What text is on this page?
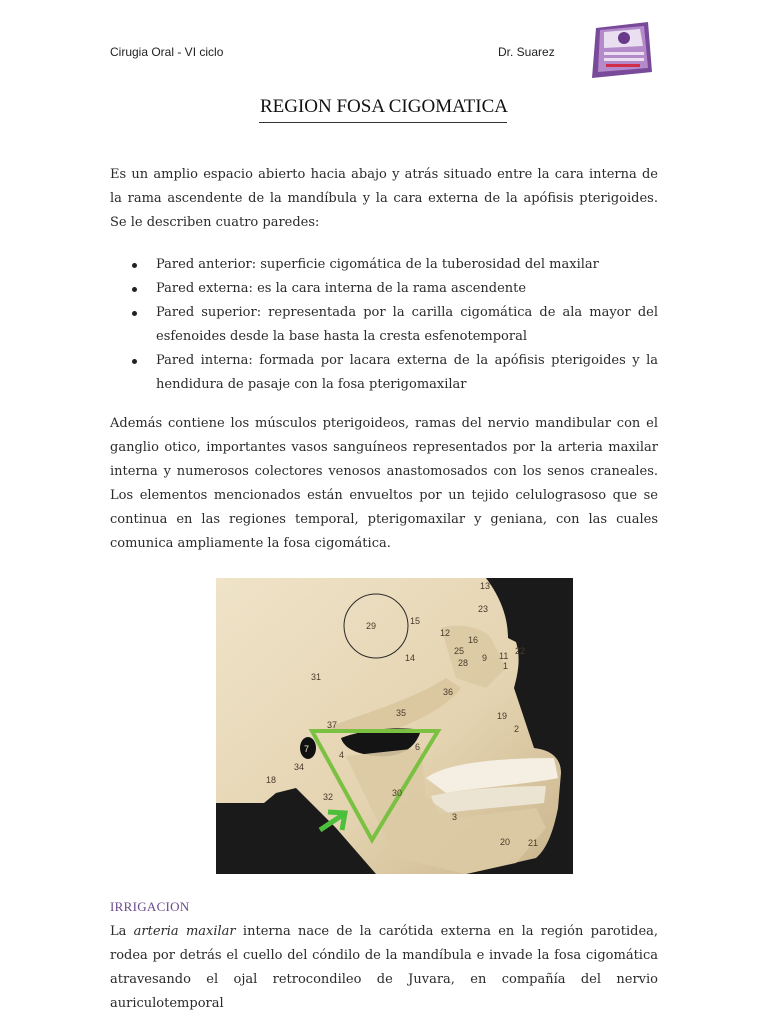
Cirugia Oral - VI ciclo	Dr. Suarez
REGION FOSA CIGOMATICA
Es un amplio espacio abierto hacia abajo y atrás situado entre la cara interna de la rama ascendente de la mandíbula y la cara externa de la apófisis pterigoides. Se le describen cuatro paredes:
Pared anterior: superficie cigomática de la tuberosidad del maxilar
Pared externa: es la cara interna de la rama ascendente
Pared superior: representada por la carilla cigomática de ala mayor del esfenoides desde la base hasta la cresta esfenotemporal
Pared interna: formada por lacara externa de la apófisis pterigoides y la hendidura de pasaje con la fosa pterigomaxilar
Además contiene los músculos pterigoideos, ramas del nervio mandibular con el ganglio otico, importantes vasos sanguíneos representados por la arteria maxilar interna y numerosos colectores venosos anastomosados con los senos craneales. Los elementos mencionados están envueltos por un tejido celulograsoso que se continua en las regiones temporal, pterigomaxilar y geniana, con las cuales comunica ampliamente la fosa cigomática.
13
23
29	15
12
16
25
28 9 11 22
1
14
31
36
35
37
19
2
7	6
4
34
18
32	30
3
20 21
IRRIGACION
La arteria maxilar interna nace de la carótida externa en la región parotidea, rodea por detrás el cuello del cóndilo de la mandíbula e invade la fosa cigomática atravesando el ojal retrocondileo de Juvara, en compañía del nervio auriculotemporal
